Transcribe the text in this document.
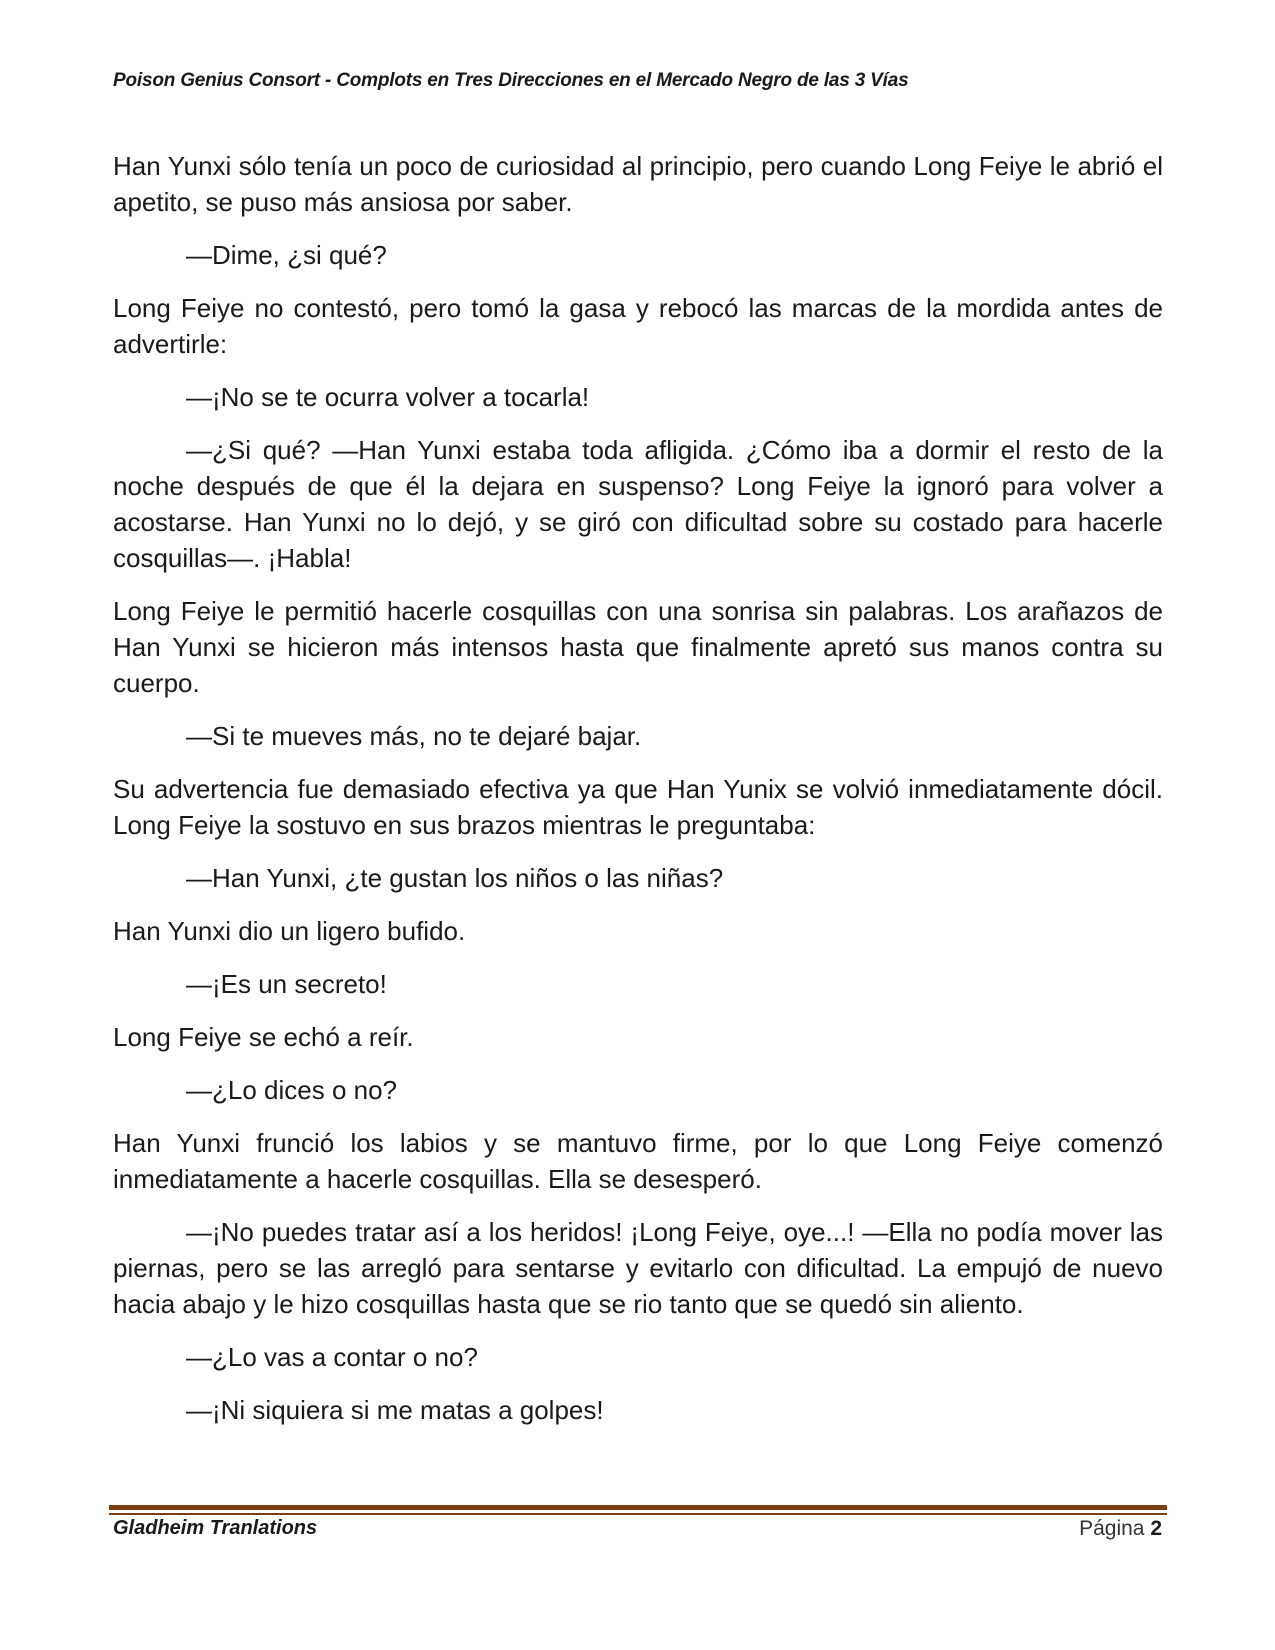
Poison Genius Consort - Complots en Tres Direcciones en el Mercado Negro de las 3 Vías

Han Yunxi sólo tenía un poco de curiosidad al principio, pero cuando Long Feiye le abrió el apetito, se puso más ansiosa por saber.

—Dime, ¿si qué?

Long Feiye no contestó, pero tomó la gasa y rebocó las marcas de la mordida antes de advertirle:

—¡No se te ocurra volver a tocarla!

—¿Si qué? —Han Yunxi estaba toda afligida. ¿Cómo iba a dormir el resto de la noche después de que él la dejara en suspenso? Long Feiye la ignoró para volver a acostarse. Han Yunxi no lo dejó, y se giró con dificultad sobre su costado para hacerle cosquillas—. ¡Habla!

Long Feiye le permitió hacerle cosquillas con una sonrisa sin palabras. Los arañazos de Han Yunxi se hicieron más intensos hasta que finalmente apretó sus manos contra su cuerpo.

—Si te mueves más, no te dejaré bajar.

Su advertencia fue demasiado efectiva ya que Han Yunix se volvió inmediatamente dócil. Long Feiye la sostuvo en sus brazos mientras le preguntaba:

—Han Yunxi, ¿te gustan los niños o las niñas?

Han Yunxi dio un ligero bufido.

—¡Es un secreto!

Long Feiye se echó a reír.

—¿Lo dices o no?

Han Yunxi frunció los labios y se mantuvo firme, por lo que Long Feiye comenzó inmediatamente a hacerle cosquillas. Ella se desesperó.

—¡No puedes tratar así a los heridos! ¡Long Feiye, oye...! —Ella no podía mover las piernas, pero se las arregló para sentarse y evitarlo con dificultad. La empujó de nuevo hacia abajo y le hizo cosquillas hasta que se rio tanto que se quedó sin aliento.

—¿Lo vas a contar o no?

—¡Ni siquiera si me matas a golpes!

Gladheim Tranlations	Página 2
